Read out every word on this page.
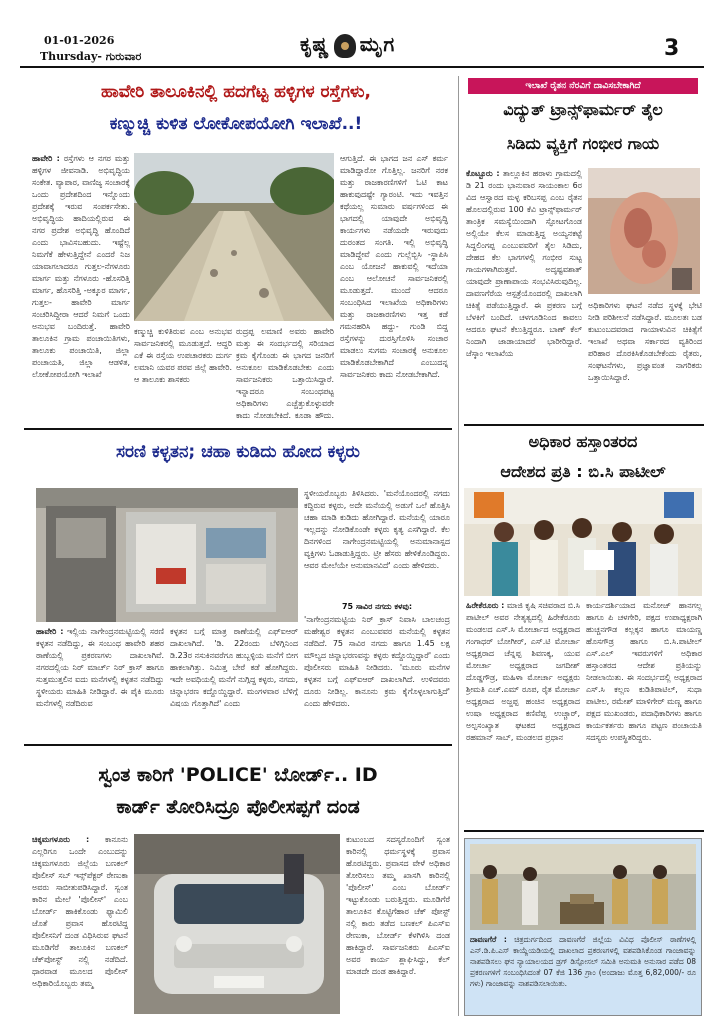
01-01-2026
Thursday- ಗುರುವಾರ
ಕೃಷ್ಣ ಮೃಗ	3
ಹಾವೇರಿ ತಾಲೂಕಿನಲ್ಲಿ ಹದಗೆಟ್ಟ ಹಳ್ಳಿಗಳ ರಸ್ತೆಗಳು,
ಕಣ್ಮುಚ್ಚಿ ಕುಳಿತ ಲೋಕೋಪಯೋಗಿ ಇಲಾಖೆ..!
ಹಾವೇರಿ : ರಸ್ತೆಗಳು ಆ ನಗರ ಮತ್ತು ಹಳ್ಳಿಗಳ ಜೀವನಾಡಿ. ಅಭಿವೃದ್ಧಿಯ ಸಂಕೇತ. ವ್ಯಾಪಾರ, ವಾಣಿಜ್ಯ ಸಂಚಾರಕ್ಕೆ ಒಂದು ಪ್ರದೇಶದಿಂದ ಇನ್ನೊಂದು ಪ್ರದೇಶಕ್ಕೆ ಇರುವ ಸಂಪರ್ಕಸೇತು. ಅಭಿವೃದ್ಧಿಯ ಹಾದಿಯಲ್ಲಿರುವ ಈ ನಗರ ಪ್ರದೇಶ ಅಭಿವೃದ್ಧಿ ಹೊಂದಿದೆ ಎಂದು ಭಾವಿಸಬಹುದು. ಇಷ್ಟೆಲ್ಲ ನಿಮಗೆಕೆ ಹೇಳುತ್ತಿದ್ದೇನೆ ಎಂದರೆ ನಿಜ ಯಾವಾಗಲಾದರೂ ಗುತ್ತಲ-ನೆಗಳೂರು ಮಾರ್ಗ ಮತ್ತು ನೆಗಳೂರು -ಹೊಸರಿತ್ತಿ ಮಾರ್ಗ, ಹೊಸರಿತ್ತಿ -ಅಕ್ಕೂರ ಮಾರ್ಗ, ಗುತ್ತಲ- ಹಾವೇರಿ ಮಾರ್ಗ ಸಂಚರಿಸಿದ್ದೀರಾ ಆದರೆ ನಿಮಗೆ ಒಂದು ಅನುಭವ ಬಂದಿರುತ್ತೆ. ಹಾವೇರಿ ತಾಲೂಕಿನ ಗ್ರಾಮ ಪಂಚಾಯಿತಿಗಳು, ತಾಲೂಕು ಪಂಚಾಯಿತಿ, ಜಿಲ್ಲಾ ಪಂಚಾಯತಿ, ಜಿಲ್ಲಾ ಆಡಳಿತ, ಲೋಕೋಪಯೋಗಿ ಇಲಾಖೆ
ಕಣ್ಮುಚ್ಚಿ ಕುಳಿತಿರುವ ಎಂಬ ಅನುಭವ ಸಾರ್ವಜನಿಕರಲ್ಲಿ ಮೂಡುತ್ತದೆ. ಆದ್ದರಿ ಎಕೆ ಈ ರಸ್ತೆಯ ಉಪಚಾರಕರು ದುರ್ಗ ಲಮಾನಿ ಯವರ ಪರವ ಜಿಲ್ಲೆ ಹಾವೇರಿ. ಆ ತಾಲೂಕು ಶಾಸಕರು
ರುದ್ರಪ್ಪ ಲಮಾಣಿ ಅವರು ಹಾವೇರಿ ಮತ್ತು ಈ ಸಂದರ್ಭದಲ್ಲಿ ಸರಿಯಾದ ಕ್ರಮ ಕೈಗೊಂಡು ಈ ಭಾಗದ ಜನರಿಗೆ ಅನುಕೂಲ ಮಾಡಿಕೊಡಬೇಕು ಎಂದು ಸಾರ್ವಜನಿಕರು ಒತ್ತಾಯಿಸಿದ್ದಾರೆ. ಇನ್ನಾದರೂ ಸಂಬಂಧಪಟ್ಟ ಅಧಿಕಾರಿಗಳು ಎಚ್ಚೆತ್ತುಕೊಳ್ಳುವರೇ ಕಾದು ನೋಡಬೇಕಿದೆ. ಕೂಡಾ ಹೌದು.
ಆಗುತ್ತಿದೆ. ಈ ಭಾಗದ ಜನ ಎಸ್ ಕರ್ಮ ಮಾಡಿದ್ದಾರೋ ಗೊತ್ತಿಲ್ಲ. ಜನರಿಗೆ ನರಕ ಮತ್ತು ರಾಜಕಾರಣಿಗಳಿಗೆ ಓಟಿ ಕಾಟ ಹಾಕುವುದಷ್ಟೇ ಗ್ಯಾರಂಟಿ. ಇದು ಇವತ್ತಿನ ಕಥೆಯಲ್ಲ ಸುಮಾರು ವರ್ಷಗಳಿಂದ ಈ ಭಾಗದಲ್ಲಿ ಯಾವುದೇ ಅಭಿವೃದ್ಧಿ ಕಾರ್ಯಗಳು ನಡೆಯದೇ ಇರುವುದು ದುರಂತದ ಸಂಗತಿ. ಇಲ್ಲಿ ಅಭಿವೃದ್ಧಿ ಮಾಡಿದ್ದೇವೆ ಎಂದು ಗುಲ್ಲೆಬ್ಬಿಸಿ -ಸ್ಥಾಪಿಸಿ ಎಂಬ ಯೋಜನೆ ಹಾಕುವಲ್ಲಿ ಇದೆಯಾ ಎಂಬ ಆಲೋಚನೆ ಸಾರ್ವಜನಿಕರಲ್ಲಿ ಮೂಡುತ್ತದೆ. ಮುಂದೆ ಆದರೂ ಸಂಬಂಧಿಸಿದ ಇಲಾಖೆಯ ಅಧಿಕಾರಿಗಳು ಮತ್ತು ರಾಜಕಾರಣಿಗಳು ಇತ್ತ ಕಡೆ ಗಮನಹರಿಸಿ ಹದ್ದು- ಗುಂಡಿ ಬಿದ್ದ ರಸ್ತೆಗಳನ್ನು ದುರಸ್ತಿಗೊಳಿಸಿ ಸಂಚಾರ ಮಾಡಲು ಸುಗಮ ಸಂಚಾರಕ್ಕೆ ಅನುಕೂಲ ಮಾಡಿಕೊಡಬೇಕಾಗಿದೆ ಎಂಬುದನ್ನ ಸಾರ್ವಜನಿಕರು ಕಾದು ನೋಡಬೇಕಾಗಿದೆ.
ಸರಣಿ ಕಳ್ಳತನ; ಚಹಾ ಕುಡಿದು ಹೋದ ಕಳ್ಳರು
ಹಾವೇರಿ : ಇಲ್ಲಿಯ ನಾಗೇಂದ್ರನಮಟ್ಟಿಯಲ್ಲಿ ಸರಣಿ ಕಳ್ಳತನ ನಡೆದಿದ್ದು, ಈ ಸಂಬಂಧ ಹಾವೇರಿ ಶಹರ ಠಾಣೆಯಲ್ಲಿ ಪ್ರಕರಣಗಳು ದಾಖಲಾಗಿವೆ. ನಗರದಲ್ಲಿಯ ನಿರ್ ಮಾರ್ಚ್ ನಿರ್ ಕ್ರಾಸ್ ಹಾಗೂ ಸುತ್ತಮುತ್ತಲಿನ ಐದು ಮನೆಗಳಲ್ಲಿ ಕಳ್ಳತನ ನಡೆದಿದ್ದು ಸ್ಥಳೀಯರು ಮಾಹಿತಿ ನೀಡಿದ್ದಾರೆ. ಈ ಪೈಕಿ ಮೂರು ಮನೆಗಳಲ್ಲಿ ನಡೆದಿರುವ
ಕಳ್ಳತನ ಬಗ್ಗೆ ಮಾತ್ರ ಠಾಣೆಯಲ್ಲಿ ಎಫ್ಐಆರ್ ದಾಖಲಾಗಿದೆ. 'ಡಿ. 22ರಂದು ಬೆಳಿಗ್ಗಿನಿಂದ ಡಿ.23ರ ನಸುಕಿನವರೆಗೂ ಹುಬ್ಬಳ್ಳಿಯ ಮನೆಗೆ ಬೀಗ ಹಾಕಲಾಗಿತ್ತು. ನಿಮಿತ್ತ ಬೇರೆ ಕಡೆ ಹೋಗಿದ್ದರು. ಇದೇ ಅವಧಿಯಲ್ಲಿ ಮನೆಗೆ ನುಗ್ಗಿದ್ದ ಕಳ್ಳರು, ನಗದು, ಚಿನ್ನಾಭರಣ ಕದ್ದೊಯ್ದಿದ್ದಾರೆ. ಮಂಗಳವಾರ ಬೆಳಿಗ್ಗೆ ವಿಷಯ ಗೊತ್ತಾಗಿದೆ' ಎಂದು
ಸ್ಥಳೀಯರೊಬ್ಬರು ತಿಳಿಸಿದರು. 'ಮನೆಯೊಂದರಲ್ಲಿ ನಗದು ಕದ್ದಿರುವ ಕಳ್ಳರು, ಅದೇ ಮನೆಯಲ್ಲಿ ಅಡುಗೆ ಒಲೆ ಹೊತ್ತಿಸಿ ಚಹಾ ಮಾಡಿ ಕುಡಿದು ಹೋಗಿದ್ದಾರೆ. ಮನೆಯಲ್ಲಿ ಯಾರೂ ಇಲ್ಲದನ್ನು ನೋಡಿಕೊಂಡೇ ಕಳ್ಳರು ಕೃತ್ಯ ಎಸಗಿದ್ದಾರೆ. ಕೆಲ ದಿನಗಳಿಂದ ನಾಗೇಂದ್ರನಮಟ್ಟಿಯಲ್ಲಿ ಅನುಮಾನಾಸ್ಪದ ವ್ಯಕ್ತಿಗಳು ಓಡಾಡುತ್ತಿದ್ದರು. ಟ್ರೀ ಹೆಸರು ಹೇಳಿಕೊಂಡಿದ್ದರು. ಆವರ ಮೇಲೆಯೇ ಅನುಮಾನವಿದೆ' ಎಂದು ಹೇಳಿದರು.
75 ಸಾವಿರ ನಗದು ಕಳವು:
'ನಾಗೇಂದ್ರನಮಟ್ಟಿಯ ನಿರ್ ಕ್ರಾಸ್ ನಿವಾಸಿ ಬಾಲಚಂದ್ರ ಮಹೇಶ್ವರ ಕಳ್ಳತನ ಎಂಬುವವರ ಮನೆಯಲ್ಲಿ ಕಳ್ಳತನ ನಡೆದಿದೆ. 75 ಸಾವಿರ ನಗದು ಹಾಗೂ 1.45 ಲಕ್ಷ ಮೌಲ್ಯದ ಚಿನ್ನಾಭರಣವನ್ನು ಕಳ್ಳರು ಕದ್ದೊಯ್ದಿದ್ದಾರೆ' ಎಂದು ಪೊಲೀಸರು ಮಾಹಿತಿ ನೀಡಿದರು. 'ಮೂರು ಮನೆಗಳ ಕಳ್ಳತನ ಬಗ್ಗೆ ಎಫ್ಐಆರ್ ದಾಖಲಾಗಿದೆ. ಉಳಿದವರು ದೂರು ನೀಡಿಲ್ಲ. ಕಾನೂನು ಕ್ರಮ ಕೈಗೊಳ್ಳಲಾಗುತ್ತಿದೆ' ಎಂದು ಹೇಳಿದರು.
ಸ್ವಂತ ಕಾರಿಗೆ 'POLICE' ಬೋರ್ಡ್.. ID
ಕಾರ್ಡ್ ತೋರಿಸಿದ್ರೂ ಪೊಲೀಸಪ್ಪಗೆ ದಂಡ
ಚಿಕ್ಕಮಗಳೂರು : ಕಾನೂನು ಎಲ್ಲರಿಗೂ ಒಂದೇ ಎಂಬುದನ್ನು ಚಿಕ್ಕಮಗಳೂರು ಜಿಲ್ಲೆಯ ಬಣಕಲ್ ಪೊಲೀಸ್ ಸಬ್ ಇನ್ಸ್‌ಪೆಕ್ಟರ್ ರೇಣುಕಾ ಅವರು ಸಾಬೀತುಪಡಿಸಿದ್ದಾರೆ. ಸ್ವಂತ ಕಾರಿನ ಮೇಲೆ 'ಪೊಲೀಸ್' ಎಂಬ ಬೋರ್ಡ್ ಹಾಕಿಕೊಂಡು ಫ್ಯಾಮಿಲಿ ಜೊತೆ ಪ್ರವಾಸ ಹೊರಟಿದ್ದ ಪೊಲೀಸನಿಗೆ ದಂಡ ವಿಧಿಸಿರುವ ಘಟನೆ ಮೂಡಿಗೆರೆ ತಾಲೂಕಿನ ಬಣಕಲ್ ಚೆಕ್‌ಪೋಸ್ಟ್ ನಲ್ಲಿ ನಡೆದಿದೆ. ಧಾರವಾಡ ಮೂಲದ ಪೊಲೀಸ್ ಅಧಿಕಾರಿಯೊಬ್ಬರು ತಮ್ಮ
ಕುಟುಂಬದ ಸದಸ್ಯರೊಂದಿಗೆ ಸ್ವಂತ ಕಾರಿನಲ್ಲಿ ಧರ್ಮಸ್ಥಳಕ್ಕೆ ಪ್ರವಾಸ ಹೊರಟಿದ್ದರು. ಪ್ರವಾಸದ ವೇಳೆ ಅಧಿಕಾರ ತೋರಿಸಲು ತಮ್ಮ ಖಾಸಗಿ ಕಾರಿನಲ್ಲಿ 'ಪೊಲೀಸ್' ಎಂಬ ಬೋರ್ಡ್ ಇಟ್ಟುಕೊಂಡು ಬರುತ್ತಿದ್ದರು. ಮೂಡಿಗೆರೆ ತಾಲೂಕಿನ ಕೊಟ್ಟಿಗೆಹಾರ ಚೆಕ್ ಪೋಸ್ಟ್ ನಲ್ಲಿ ಕಾರು ತಡೆದ ಬಣಕಲ್ ಪಿಎಸ್ಐ ರೇಣುಕಾ, ಬೋರ್ಡ್ ಕೆಳಗಿಳಿಸಿ ದಂಡ ಹಾಕಿದ್ದಾರೆ. ಸಾರ್ವಜನಿಕರು ಪಿಎಸ್ಐ ಅವರ ಕಾರ್ಯ ಶ್ಲಾಘಿಸಿದ್ದು, ಕೆಲ್ ಮಾಡದೇ ದಂಡ ಹಾಕಿದ್ದಾರೆ.
ಇಲಾಖೆ ರೈತನ ನೆರವಿಗೆ ದಾವಿಸಬೇಕಾಗಿದೆ
ವಿದ್ಯುತ್ ಟ್ರಾನ್ಸ್‌ಫಾರ್ಮರ್ ತೈಲ
ಸಿಡಿದು ವ್ಯಕ್ತಿಗೆ ಗಂಭೀರ ಗಾಯ
ಕೊಟ್ಟೂರು : ತಾಲ್ಲೂಕಿನ ಹರಾಳು ಗ್ರಾಮದಲ್ಲಿ ಡಿ 21 ರಂದು ಭಾನುವಾರ ಸಾಯಂಕಾಲ 6ರ ವಿದ ಆಸ್ವಾರದ ಮಳ್ಳ ಕರಿಬಸಪ್ಪ ಎಂಬ ರೈತನ ಹೊಲದಲ್ಲಿರುವ 100 ಕೆವಿ ಟ್ರಾನ್ಸ್‌ಫಾರ್ಮರ್ ತಾಂತ್ರಿಕ ಸಮಸ್ಯೆಯಿಂದಾಗಿ ಸ್ಫೋಟಗೊಂಡ ಅಲ್ಲಿಯೇ ಕೆಲಸ ಮಾಡುತ್ತಿದ್ದ ಅಯ್ಯನಕಟ್ಟೆ ಸಿದ್ದಲಿಂಗಪ್ಪ ಎಂಬುವವರಿಗೆ ತೈಲ ಸಿಡಿದು, ದೇಹದ ಕೆಲ ಭಾಗಗಳಲ್ಲಿ ಗಂಭೀರ ಸುಟ್ಟ ಗಾಯಗಳಾಗಿರುತ್ತವೆ. ಅದೃಷ್ಟವಶಾತ್ ಯಾವುದೇ ಪ್ರಾಣಾಪಾಯ ಸಂಭವಿಸಿರುವುದಿಲ್ಲ. ದಾವಣಗೆರೆಯ ಆಸ್ಪತ್ರೆಯೊಂದರಲ್ಲಿ ದಾಖಲಾಗಿ ಚಿಕಿತ್ಸೆ ಪಡೆಯುತ್ತಿದ್ದಾರೆ. ಈ ಪ್ರಕರಣ ಬಗ್ಗೆ ಬೆಳಕಿಗೆ ಬಂದಿದೆ. ಚಳಗೂಡಿನಿಂದ ಕಾವಲು ಆದರೂ ಘಟನೆ ಕೆಲುತ್ತಿದ್ದರೂ. ಬಾಣ್ ಕೆಲ್ ನಿಂದಾಗಿ ಜಾಡಾಯಾದರೆ ಭಾರೀರಿದ್ದಾರೆ. ಜೆಸ್ಕಾಂ ಇಲಾಖೆಯ
ಅಧಿಕಾರಿಗಳು ಘಟನೆ ನಡೆದ ಸ್ಥಳಕ್ಕೆ ಭೇಟಿ ನೀಡಿ ಪರಿಶೀಲನೆ ನಡೆಸಿದ್ದಾರೆ. ಮೂಲತಃ ಬಡ ಕುಟುಂಬದವರಾದ ಗಾಯಾಳುವಿನ ಚಿಕಿತ್ಸೆಗೆ ಇಲಾಖೆ ಅಥವಾ ಸರ್ಕಾರದ ವ್ಯತಿರಿಂದ ಪರಿಹಾರ ದೊರಕಿಸಿಕೊಡಬೇಕೆಂದು ರೈತರು, ಸಂಘಟನೆಗಳು, ಪ್ರಜ್ಞಾವಂತ ನಾಗರಿಕರು ಒತ್ತಾಯಿಸಿದ್ದಾರೆ.
ಅಧಿಕಾರ ಹಸ್ತಾಂತರದ
ಆದೇಶದ ಪ್ರತಿ : ಬಿ.ಸಿ ಪಾಟೀಲ್
ಹಿರೇಕೆರೂರು : ಮಾಜಿ ಕೃಷಿ ಸಚಿವರಾದ ಬಿ.ಸಿ ಪಾಟೀಲ್ ಅವರ ನೇತೃತ್ವದಲ್ಲಿ ಹಿರೇಕೆರೂರು ಮಂಡಲದ ಎಸ್.ಸಿ ಮೋರ್ಚಾದ ಅಧ್ಯಕ್ಷರಾದ ಗಂಗಾಧರ್ ಬೋಗೀರ್, ಎಸ್.ಟಿ ಮೋರ್ಚಾ ಅಧ್ಯಕ್ಷರಾದ ಚೆನ್ನಪ್ಪ ಶಿವಣಕ್ಕ, ಯುವ ಮೋರ್ಚಾ ಅಧ್ಯಕ್ಷರಾದ ಜಗದೀಶ್ ದೊಡ್ಡಗೌಡ್ರ, ಮಹಿಳಾ ಮೋರ್ಚಾ ಅಧ್ಯಕ್ಷರು ಶ್ರೀಮತಿ ಎಚ್.ಎಮ್ ರೂಪ, ರೈತ ಮೋರ್ಚಾ ಅಧ್ಯಕ್ಷರಾದ ಅಜ್ಜಪ್ಪ ಹಂಚಿನ ಅಧ್ಯಕ್ಷರಾದ ಉಷಾ ಅಧ್ಯಕ್ಷರಾದ ಕಣಿವೆಪ್ಪ ಉಚ್ಚಾರ್, ಅಲ್ಪಸಂಖ್ಯಾತ ಘಟಕದ ಅಧ್ಯಕ್ಷರಾದ ರಹಮಾನ್ ಸಾಬ್, ಮಂಡಲದ ಪ್ರಧಾನ
ಕಾರ್ಯದರ್ಶಿಯಾದ ಮನೋಜ್ ಹಾನಗಲ್ಲ ಹಾಗೂ ಪಿ ಚಳಗೇರಿ, ಪಕ್ಷದ ಉಪಾಧ್ಯಕ್ಷರಾಗಿ ಹುಚ್ಚನಗೌಡ ಕಲ್ಲಕ್ಕನ ಹಾಗೂ ಮಾಯಣ್ಣ ಹೊಸಗೌಡ್ರ ಹಾಗೂ ಬಿ.ಸಿ.ಪಾಟೀಲ್ ಎಸ್.ಎಲ್ ಇವರುಗಳಿಗೆ ಅಧಿಕಾರ ಹಸ್ತಾಂತರದ ಆದೇಶ ಪ್ರತಿಯನ್ನು ನೀಡಲಾಯಿತು. ಈ ಸಂದರ್ಭದಲ್ಲಿ ಅಧ್ಯಕ್ಷರಾದ ಎಸ್.ಸಿ ಕಲ್ಲಣ ಕುಡಿತಿಪಾಟಿಲ್, ಸುಧಾ ಪಾಟೀಲ, ರಮೇಶ್ ಮಾಳಿಗೇರ್ ಮಣ್ಣ ಹಾಗೂ ಪಕ್ಷದ ಮುಖಂಡರು, ಪದಾಧಿಕಾರಿಗಳು ಹಾಗೂ ಕಾರ್ಯಕರ್ತರು ಹಾಗೂ ಪಟ್ಟಣ ಪಂಚಾಯತಿ ಸದಸ್ಯರು ಉಪಸ್ಥಿತರಿದ್ದರು.
ದಾವಣಗೆರೆ : ಚಿತ್ರದುರ್ಗದಿಂದ ದಾವಣಗೆರೆ ಜಿಲ್ಲೆಯ ವಿವಿಧ ಪೊಲೀಸ್ ಠಾಣೆಗಳಲ್ಲಿ ಎನ್.ಡಿ.ಪಿ.ಎಸ್ ಕಾಯ್ದೆಯಡಿಯಲ್ಲಿ ದಾಖಲಾದ ಪ್ರಕರಣಗಳಲ್ಲಿ ವಶಪಡಿಸಿಕೊಂಡ ಗಾಂಜಾವನ್ನು ನಾಶಪಡಿಸಲು ಘನ ನ್ಯಾಯಾಲಯದ ಡ್ರಗ್ ಡಿಸ್ಪೋಸಲ್ ಸಮಿತಿ ಅನುಮತಿ ಅನುಸಾರ ಪಡೆದ 08 ಪ್ರಕರಣಗಳಿಗೆ ಸಂಬಂಧಿಸಿದಂತೆ 07 ಕೆಜಿ 136 ಗ್ರಾಂ (ಅಂದಾಜು ಮೊತ್ತ 6,82,000/- ರೂ ಗಳು) ಗಾಂಜಾವನ್ನು ನಾಶಪಡಿಸಲಾಯಿತು.
